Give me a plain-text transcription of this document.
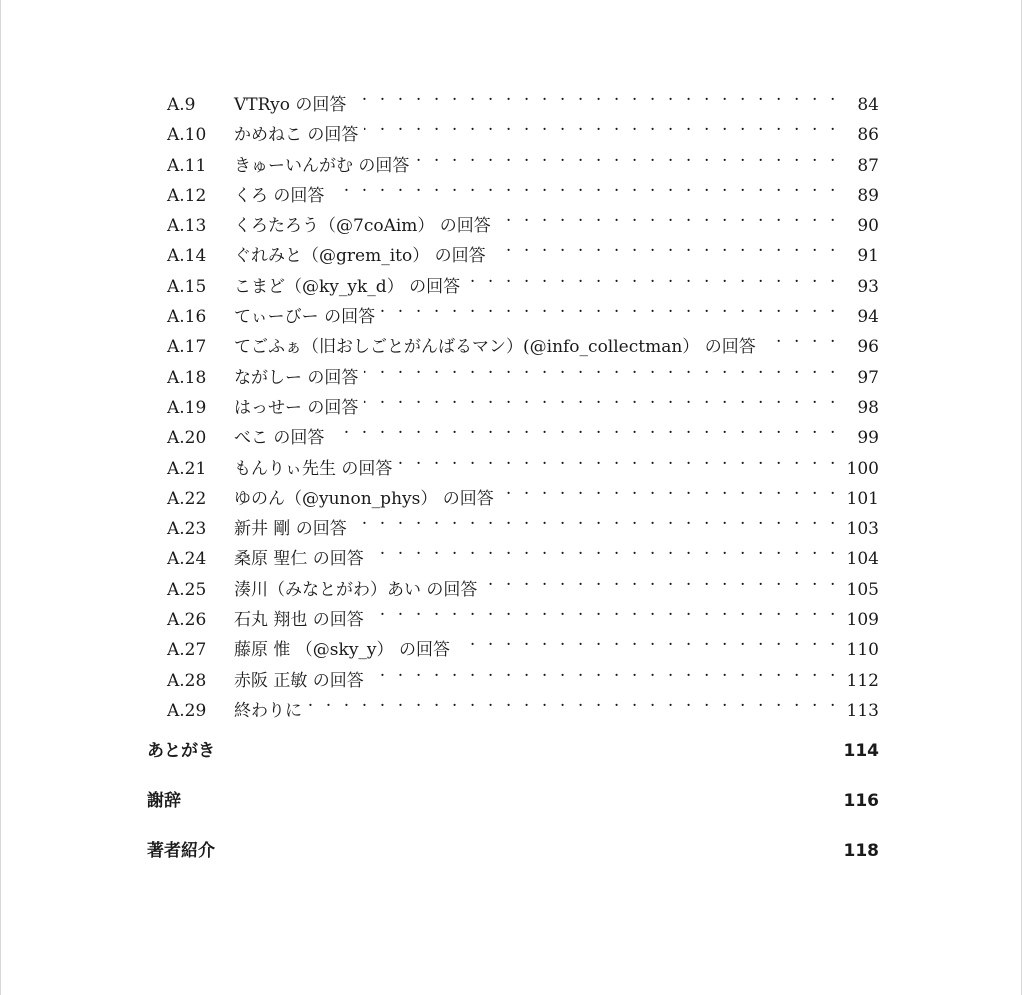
A.9	VTRyo の回答 . . .	84
A.10	かめねこ の回答 . . .	86
A.11	きゅーいんがむ の回答 . . .	87
A.12	くろ の回答 . . .	89
A.13	くろたろう（@7coAim） の回答 . . .	90
A.14	ぐれみと（@grem_ito） の回答 . . .	91
A.15	こまど（@ky_yk_d） の回答 . . .	93
A.16	てぃーびー の回答 . . .	94
A.17	てごふぁ（旧おしごとがんばるマン）(@info_collectman） の回答 . . .	96
A.18	ながしー の回答 . . .	97
A.19	はっせー の回答 . . .	98
A.20	べこ の回答 . . .	99
A.21	もんりぃ先生 の回答 . . .	100
A.22	ゆのん（@yunon_phys） の回答 . . .	101
A.23	新井 剛 の回答 . . .	103
A.24	桑原 聖仁 の回答 . . .	104
A.25	湊川（みなとがわ）あい の回答 . . .	105
A.26	石丸 翔也 の回答 . . .	109
A.27	藤原 惟 （@sky_y） の回答 . . .	110
A.28	赤阪 正敏 の回答 . . .	112
A.29	終わりに . . .	113
あとがき	114
謝辞	116
著者紹介	118
